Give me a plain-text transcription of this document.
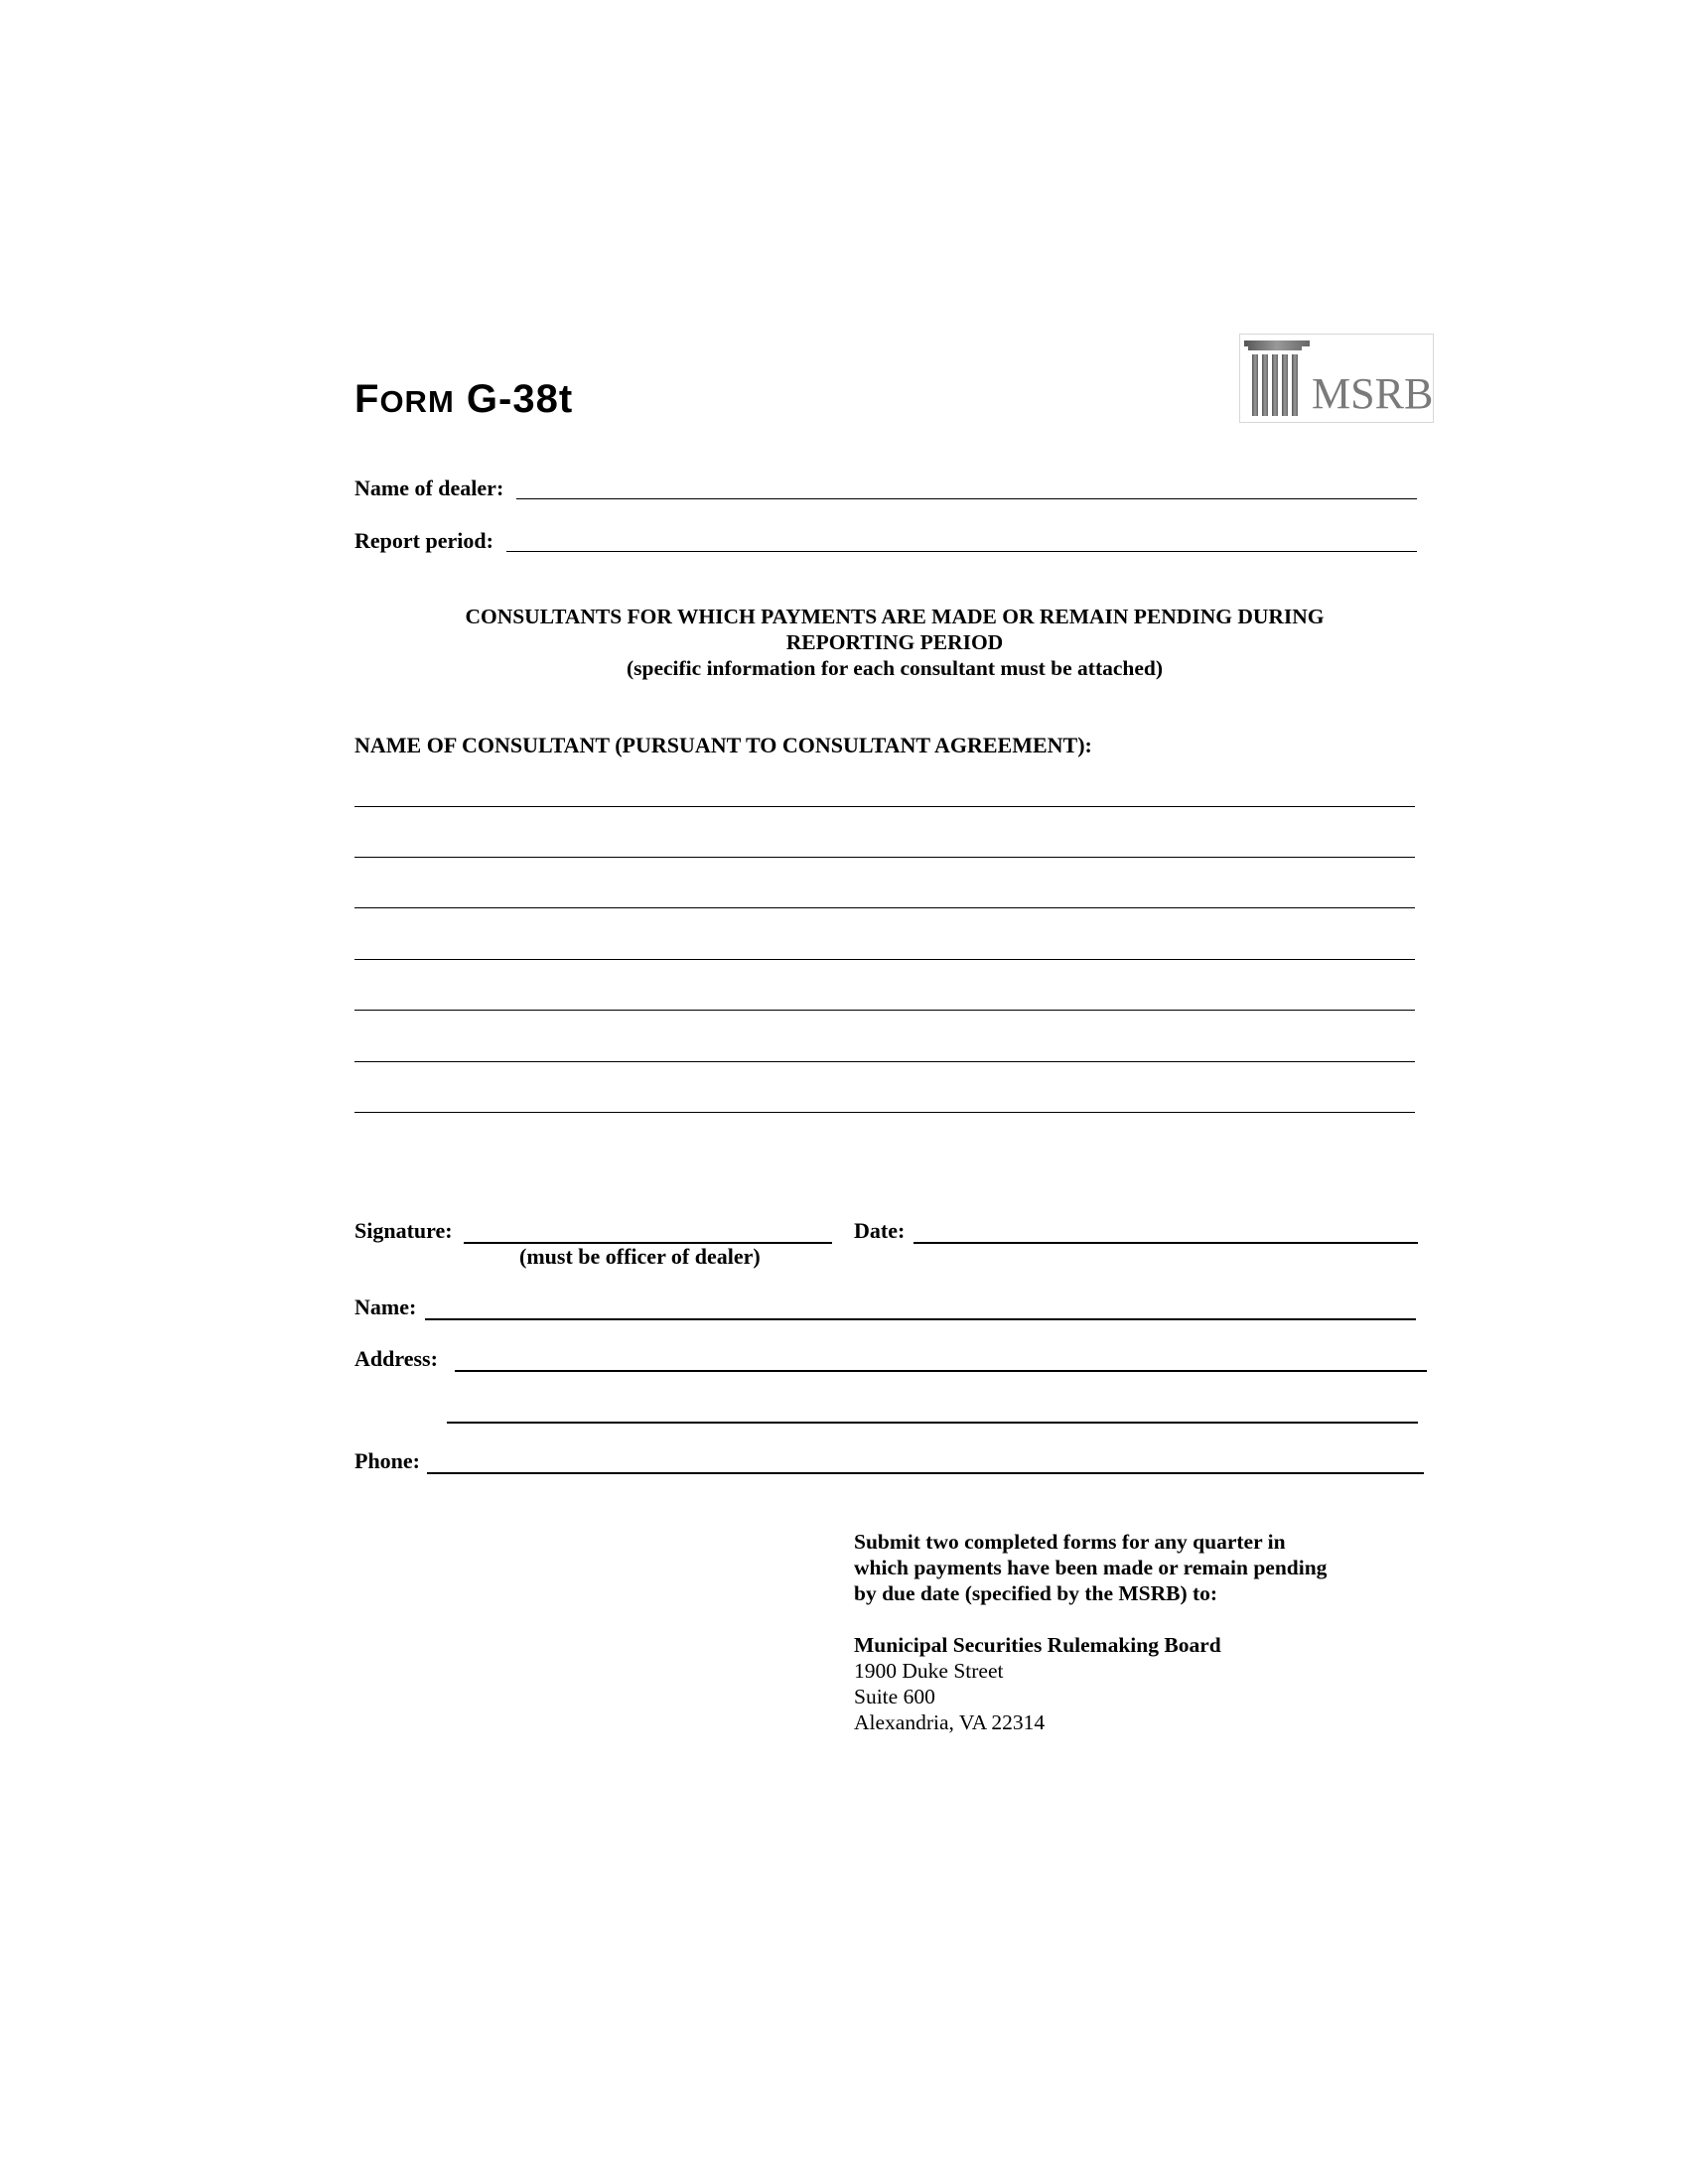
FORM G-38t	MSRB
Name of dealer:
Report period:
CONSULTANTS FOR WHICH PAYMENTS ARE MADE OR REMAIN PENDING DURING
REPORTING PERIOD
(specific information for each consultant must be attached)
NAME OF CONSULTANT (PURSUANT TO CONSULTANT AGREEMENT):
Signature:
(must be officer of dealer)
Date:
Name:
Address:
Phone:

Submit two completed forms for any quarter in

which payments have been made or remain pending

by due date (specified by the MSRB) to:

Municipal Securities Rulemaking Board

1900 Duke Street

Suite 600

Alexandria, VA 22314
